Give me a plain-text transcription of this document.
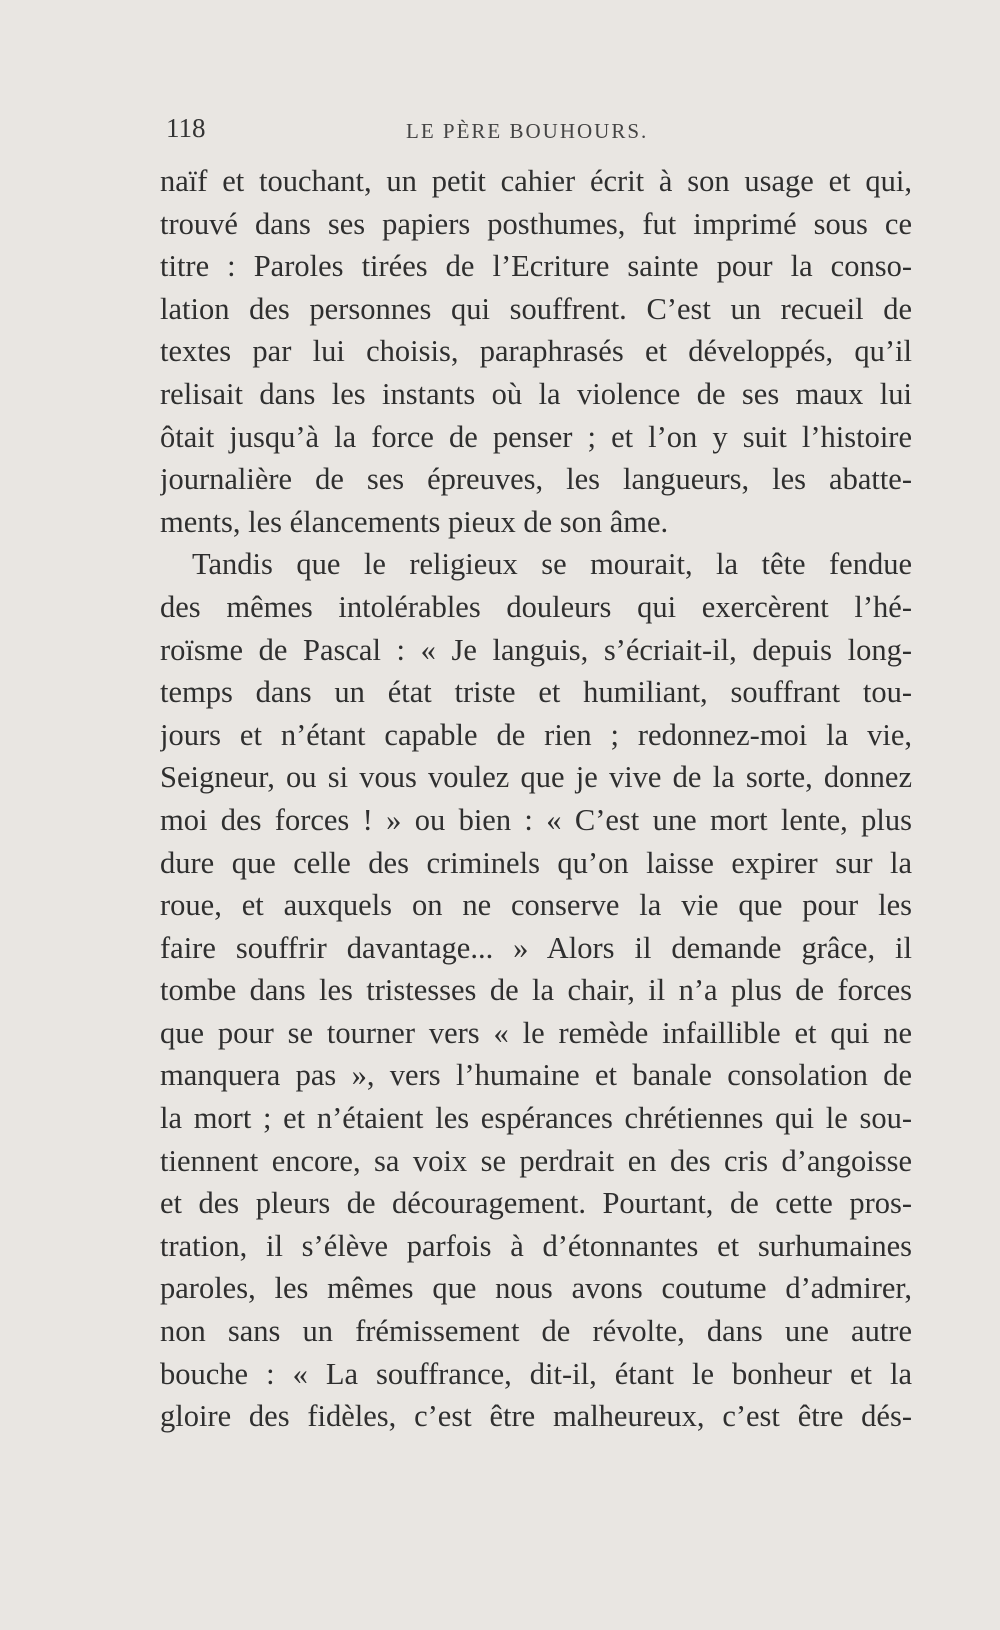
118	LE PÈRE BOUHOURS.
naïf et touchant, un petit cahier écrit à son usage et qui,
trouvé dans ses papiers posthumes, fut imprimé sous ce
titre : Paroles tirées de l’Ecriture sainte pour la conso-
lation des personnes qui souffrent. C’est un recueil de
textes par lui choisis, paraphrasés et développés, qu’il
relisait dans les instants où la violence de ses maux lui
ôtait jusqu’à la force de penser ; et l’on y suit l’histoire
journalière de ses épreuves, les langueurs, les abatte-
ments, les élancements pieux de son âme.
Tandis que le religieux se mourait, la tête fendue
des mêmes intolérables douleurs qui exercèrent l’hé-
roïsme de Pascal : « Je languis, s’écriait-il, depuis long-
temps dans un état triste et humiliant, souffrant tou-
jours et n’étant capable de rien ; redonnez-moi la vie,
Seigneur, ou si vous voulez que je vive de la sorte, donnez
moi des forces ! » ou bien : « C’est une mort lente, plus
dure que celle des criminels qu’on laisse expirer sur la
roue, et auxquels on ne conserve la vie que pour les
faire souffrir davantage... » Alors il demande grâce, il
tombe dans les tristesses de la chair, il n’a plus de forces
que pour se tourner vers « le remède infaillible et qui ne
manquera pas », vers l’humaine et banale consolation de
la mort ; et n’étaient les espérances chrétiennes qui le sou-
tiennent encore, sa voix se perdrait en des cris d’angoisse
et des pleurs de découragement. Pourtant, de cette pros-
tration, il s’élève parfois à d’étonnantes et surhumaines
paroles, les mêmes que nous avons coutume d’admirer,
non sans un frémissement de révolte, dans une autre
bouche : « La souffrance, dit-il, étant le bonheur et la
gloire des fidèles, c’est être malheureux, c’est être dés-
